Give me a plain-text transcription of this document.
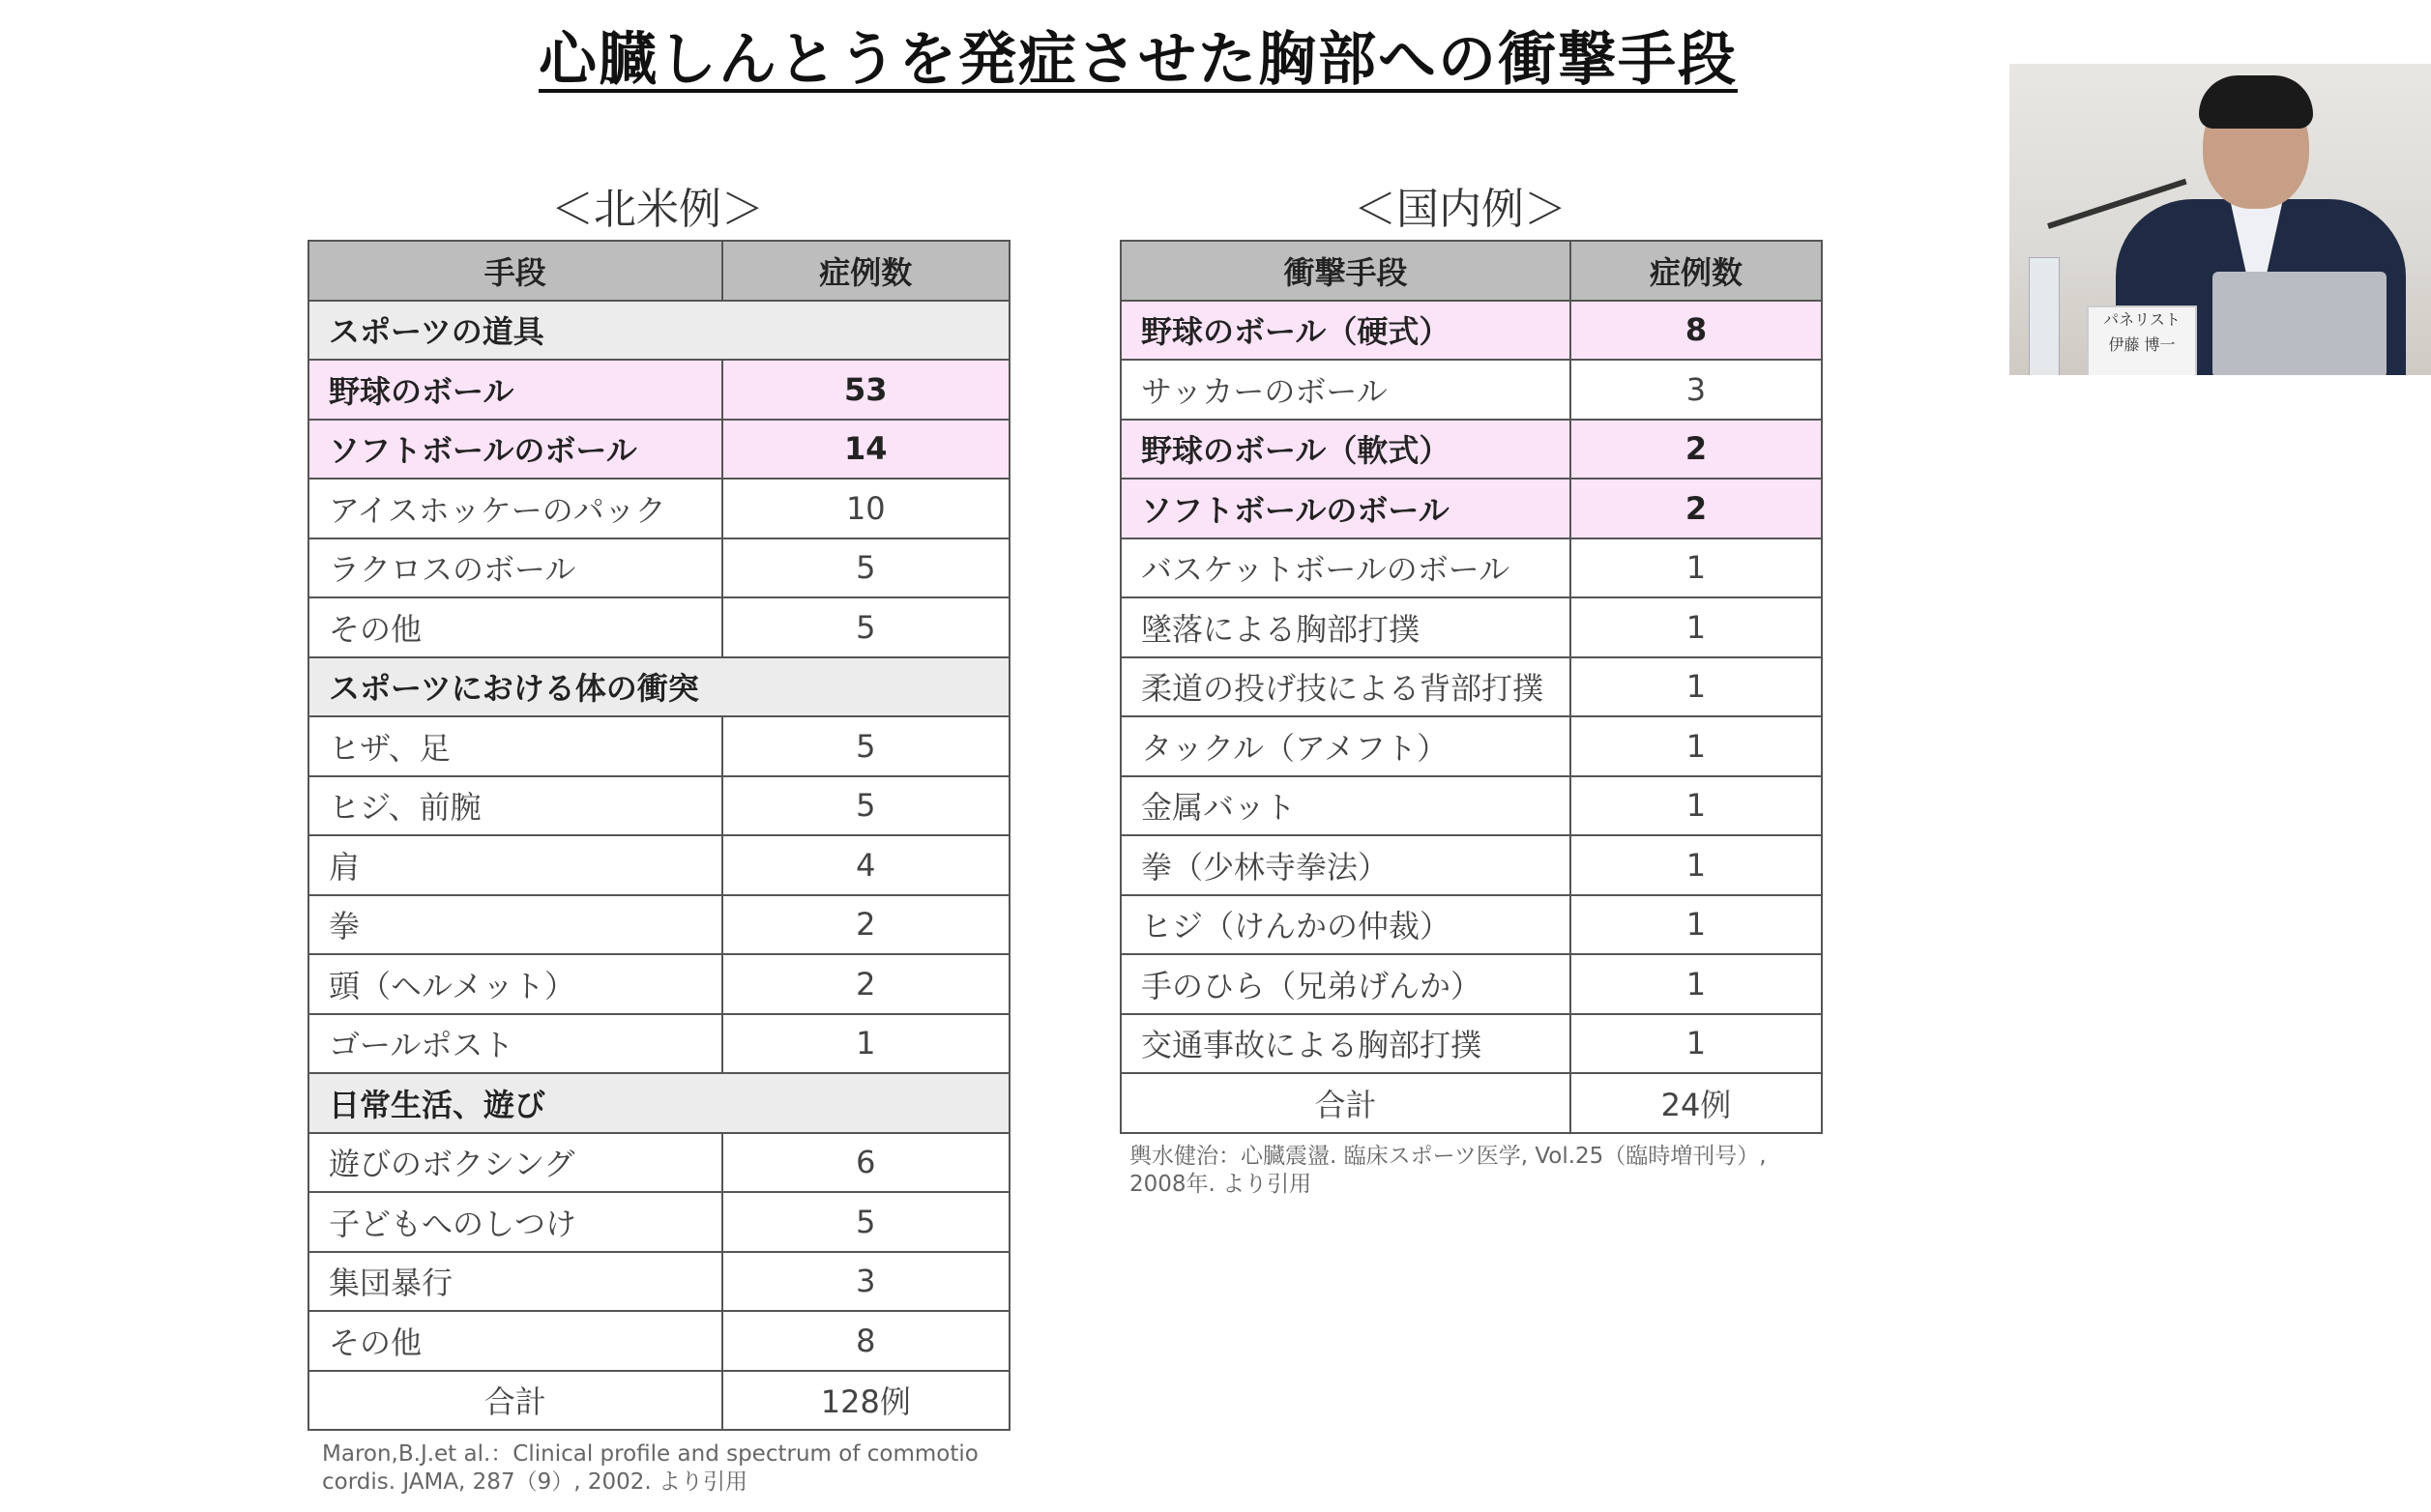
心臓しんとうを発症させた胸部への衝撃手段
＜北米例＞	＜国内例＞
手段	症例数
スポーツの道具	
野球のボール	53
ソフトボールのボール	14
アイスホッケーのパック	10
ラクロスのボール	5
その他	5
スポーツにおける体の衝突	
ヒザ、足	5
ヒジ、前腕	5
肩	4
拳	2
頭（ヘルメット）	2
ゴールポスト	1
日常生活、遊び	
遊びのボクシング	6
子どもへのしつけ	5
集団暴行	3
その他	8
合計	128例
衝撃手段	症例数
野球のボール（硬式）	8
サッカーのボール	3
野球のボール（軟式）	2
ソフトボールのボール	2
バスケットボールのボール	1
墜落による胸部打撲	1
柔道の投げ技による背部打撲	1
タックル（アメフト）	1
金属バット	1
拳（少林寺拳法）	1
ヒジ（けんかの仲裁）	1
手のひら（兄弟げんか）	1
交通事故による胸部打撲	1
合計	24例
Maron,B.J.et al.：Clinical profile and spectrum of commotio cordis. JAMA, 287（9）, 2002. より引用
輿水健治：心臓震盪. 臨床スポーツ医学, Vol.25（臨時増刊号）, 2008年. より引用
パネリスト
伊藤 博一
